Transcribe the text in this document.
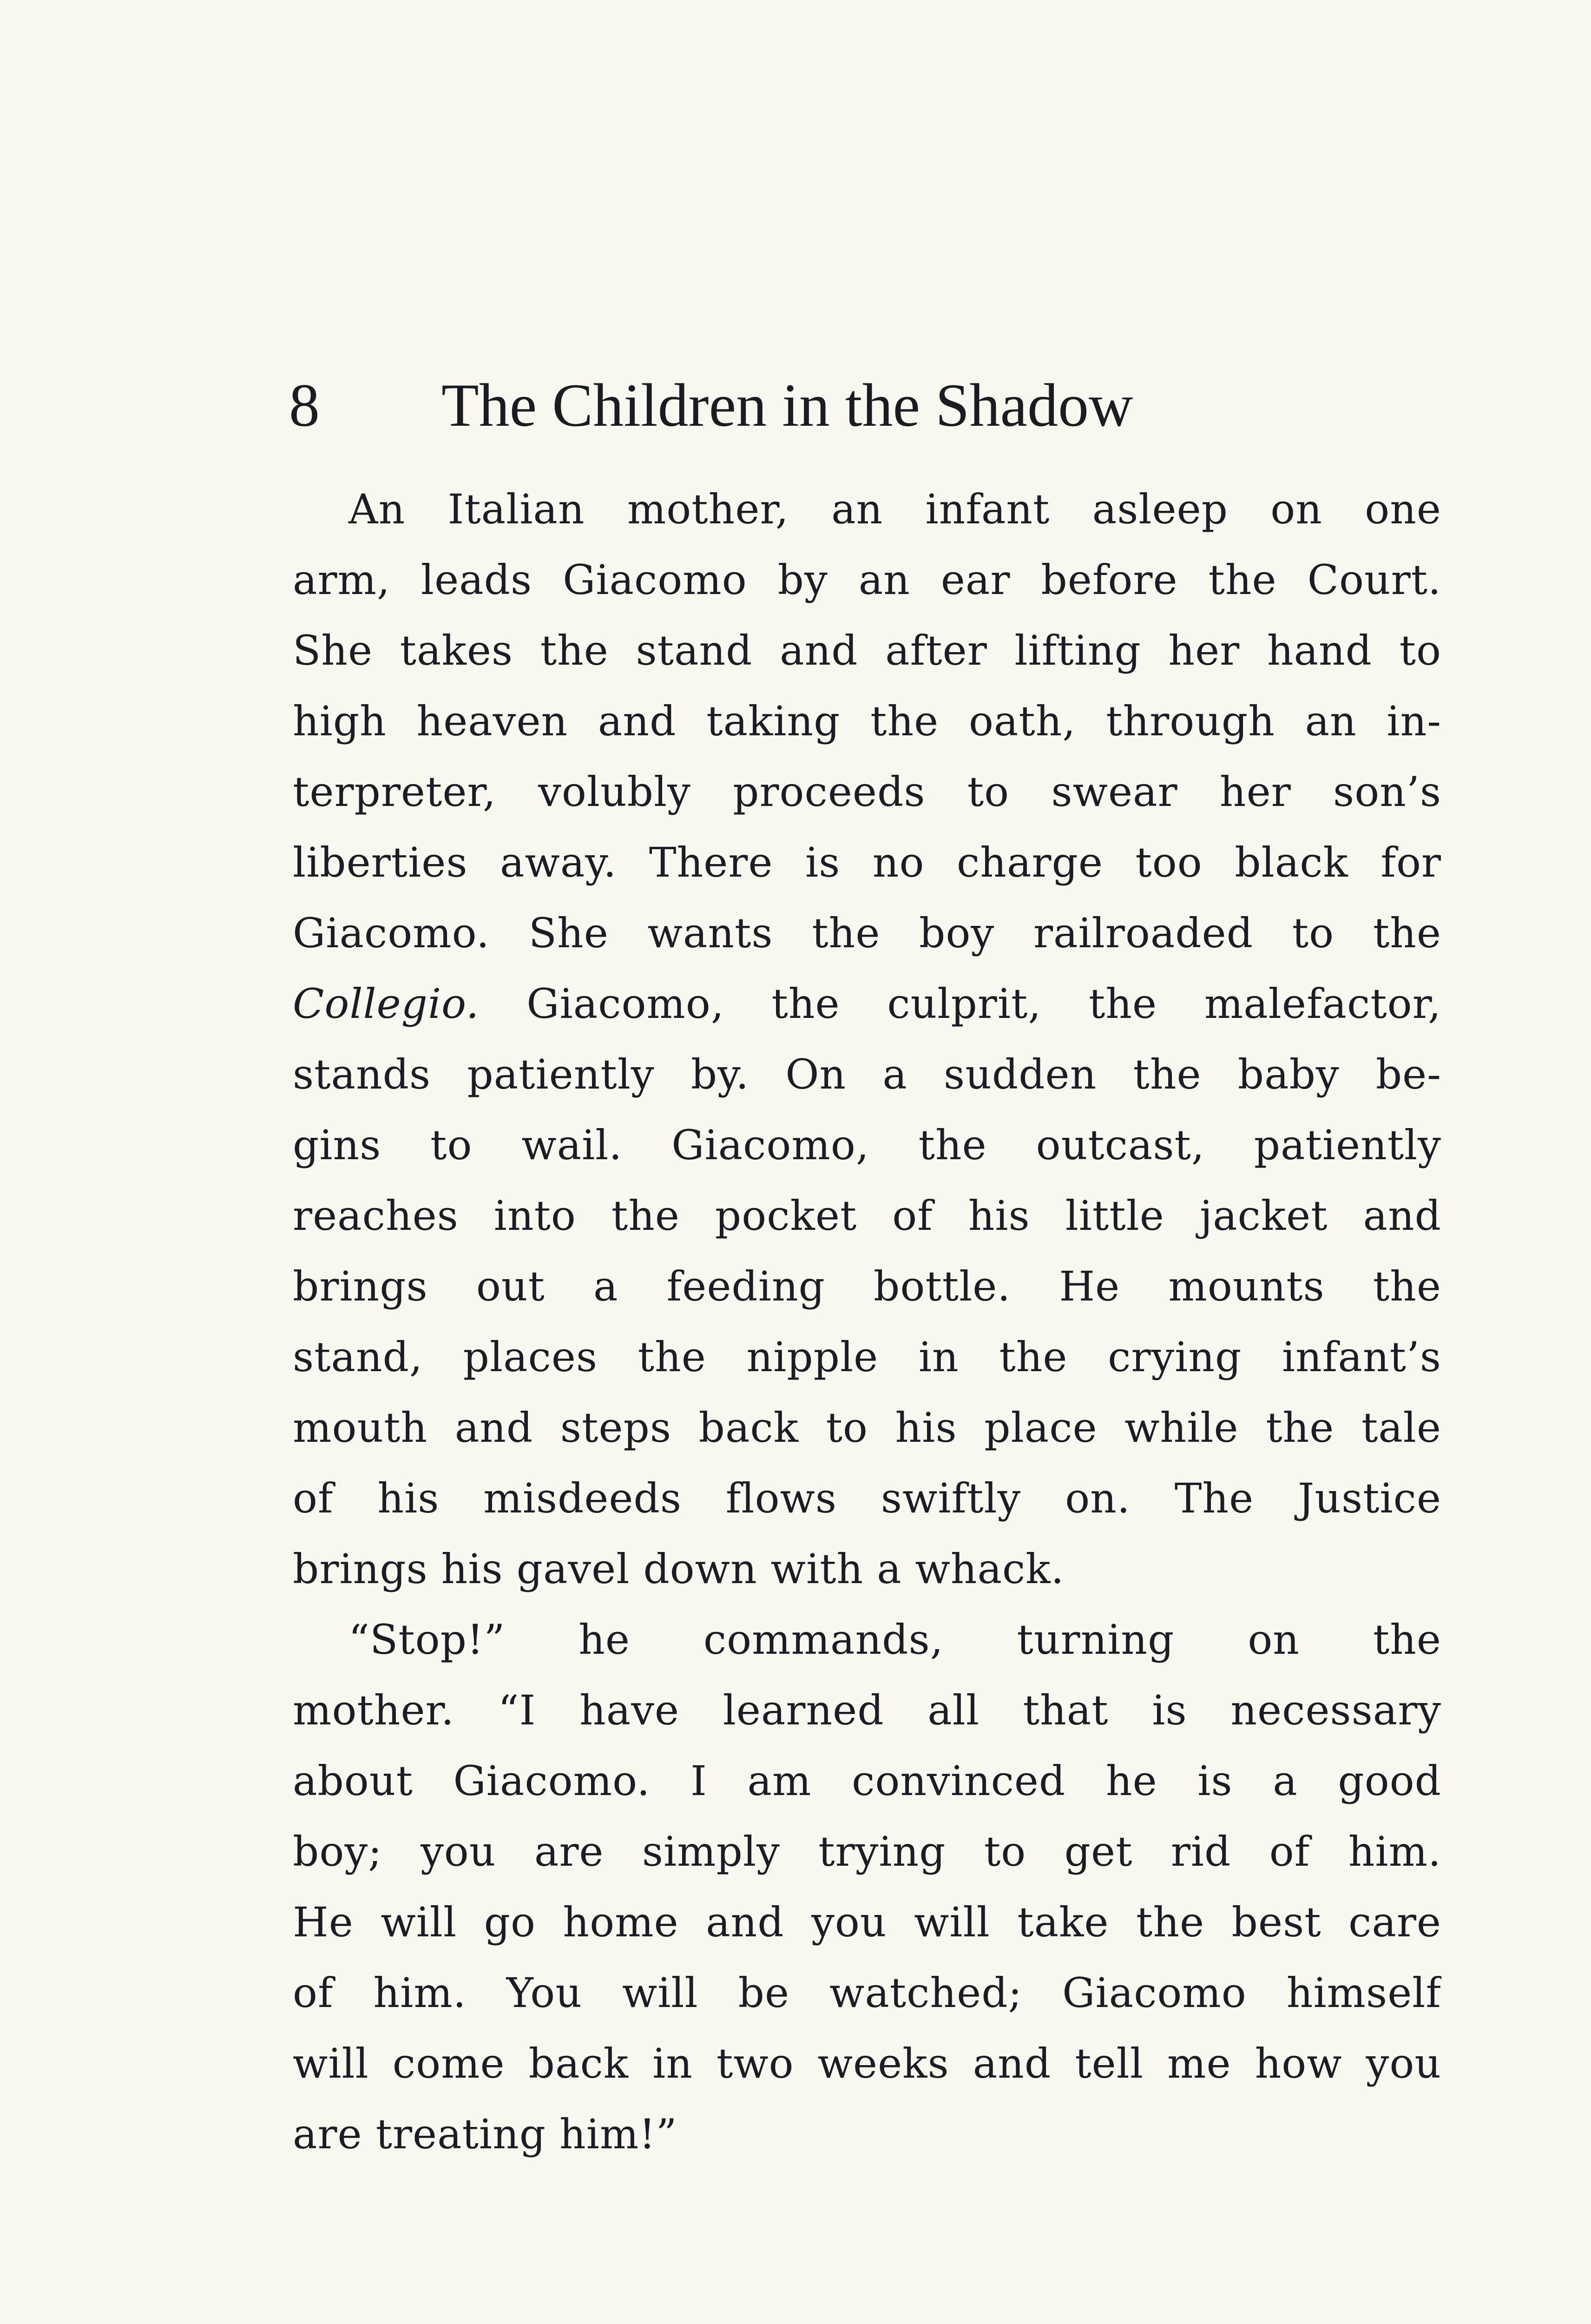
8 The Children in the Shadow
An Italian mother, an infant asleep on one
arm, leads Giacomo by an ear before the Court.
She takes the stand and after lifting her hand to
high heaven and taking the oath, through an in-
terpreter, volubly proceeds to swear her son’s
liberties away. There is no charge too black for
Giacomo. She wants the boy railroaded to the
Collegio. Giacomo, the culprit, the malefactor,
stands patiently by. On a sudden the baby be-
gins to wail. Giacomo, the outcast, patiently
reaches into the pocket of his little jacket and
brings out a feeding bottle. He mounts the
stand, places the nipple in the crying infant’s
mouth and steps back to his place while the tale
of his misdeeds flows swiftly on. The Justice
brings his gavel down with a whack.
“Stop!” he commands, turning on the
mother. “I have learned all that is necessary
about Giacomo. I am convinced he is a good
boy; you are simply trying to get rid of him.
He will go home and you will take the best care
of him. You will be watched; Giacomo himself
will come back in two weeks and tell me how you
are treating him!”
